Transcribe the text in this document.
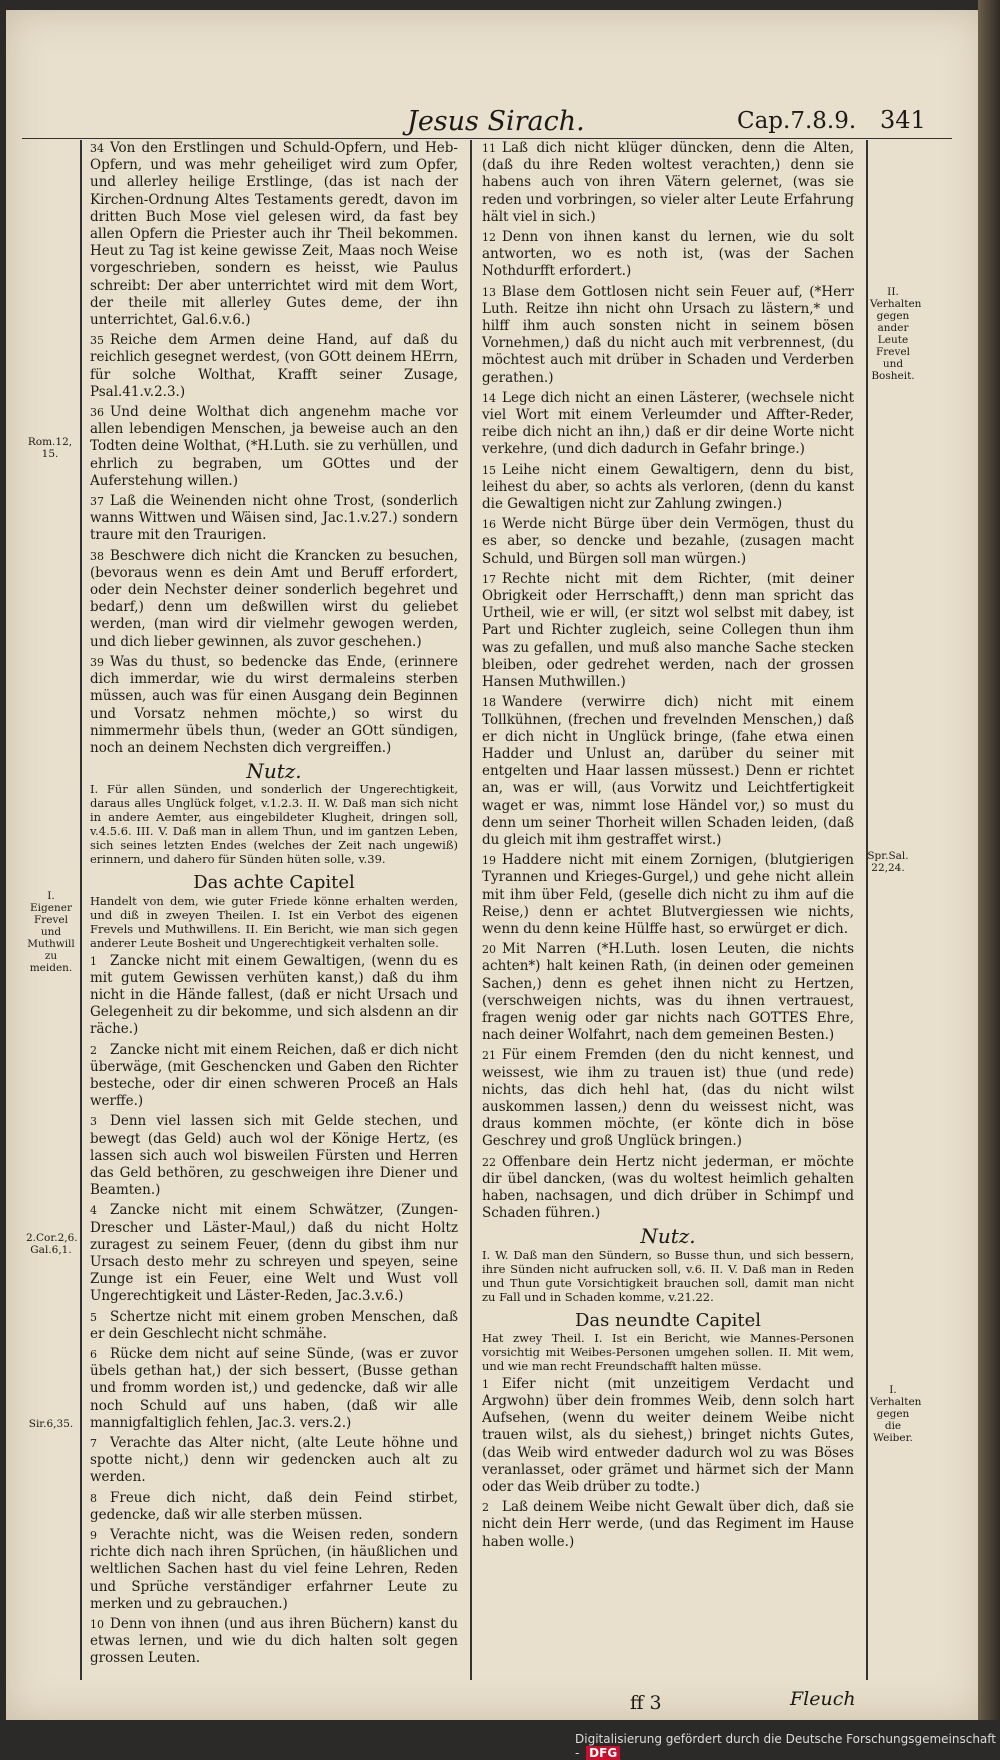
Jesus Sirach.	Cap.7.8.9. 341

34 Von den Erstlingen und Schuld-Opfern, und Heb-Opfern, und was mehr geheiliget wird zum Opfer, und allerley heilige Erstlinge, (das ist nach der Kirchen-Ordnung Altes Testaments geredt, davon im dritten Buch Mose viel gelesen wird, da fast bey allen Opfern die Priester auch ihr Theil bekommen. Heut zu Tag ist keine gewisse Zeit, Maas noch Weise vorgeschrieben, sondern es heisst, wie Paulus schreibt: Der aber unterrichtet wird mit dem Wort, der theile mit allerley Gutes deme, der ihn unterrichtet, Gal.6.v.6.)

35 Reiche dem Armen deine Hand, auf daß du reichlich gesegnet werdest, (von GOtt deinem HErrn, für solche Wolthat, Krafft seiner Zusage, Psal.41.v.2.3.)

36 Und deine Wolthat dich angenehm mache vor allen lebendigen Menschen, ja beweise auch an den Todten deine Wolthat, (*H.Luth. sie zu verhüllen, und ehrlich zu begraben, um GOttes und der Auferstehung willen.)

37 Laß die Weinenden nicht ohne Trost, (sonderlich wanns Wittwen und Wäisen sind, Jac.1.v.27.) sondern traure mit den Traurigen.

38 Beschwere dich nicht die Krancken zu besuchen, (bevoraus wenn es dein Amt und Beruff erfordert, oder dein Nechster deiner sonderlich begehret und bedarf,) denn um deßwillen wirst du geliebet werden, (man wird dir vielmehr gewogen werden, und dich lieber gewinnen, als zuvor geschehen.)

39 Was du thust, so bedencke das Ende, (erinnere dich immerdar, wie du wirst dermaleins sterben müssen, auch was für einen Ausgang dein Beginnen und Vorsatz nehmen möchte,) so wirst du nimmermehr übels thun, (weder an GOtt sündigen, noch an deinem Nechsten dich vergreiffen.)

Nutz.

I. Für allen Sünden, und sonderlich der Ungerechtigkeit, daraus alles Unglück folget, v.1.2.3. II. W. Daß man sich nicht in andere Aemter, aus eingebildeter Klugheit, dringen soll, v.4.5.6. III. V. Daß man in allem Thun, und im gantzen Leben, sich seines letzten Endes (welches der Zeit nach ungewiß) erinnern, und dahero für Sünden hüten solle, v.39.

Das achte Capitel

Handelt von dem, wie guter Friede könne erhalten werden, und diß in zweyen Theilen. I. Ist ein Verbot des eigenen Frevels und Muthwillens. II. Ein Bericht, wie man sich gegen anderer Leute Bosheit und Ungerechtigkeit verhalten solle.

1 Zancke nicht mit einem Gewaltigen, (wenn du es mit gutem Gewissen verhüten kanst,) daß du ihm nicht in die Hände fallest, (daß er nicht Ursach und Gelegenheit zu dir bekomme, und sich alsdenn an dir räche.)

2 Zancke nicht mit einem Reichen, daß er dich nicht überwäge, (mit Geschencken und Gaben den Richter besteche, oder dir einen schweren Proceß an Hals werffe.)

3 Denn viel lassen sich mit Gelde stechen, und bewegt (das Geld) auch wol der Könige Hertz, (es lassen sich auch wol bisweilen Fürsten und Herren das Geld bethören, zu geschweigen ihre Diener und Beamten.)

4 Zancke nicht mit einem Schwätzer, (Zungen-Drescher und Läster-Maul,) daß du nicht Holtz zuragest zu seinem Feuer, (denn du gibst ihm nur Ursach desto mehr zu schreyen und speyen, seine Zunge ist ein Feuer, eine Welt und Wust voll Ungerechtigkeit und Läster-Reden, Jac.3.v.6.)

5 Schertze nicht mit einem groben Menschen, daß er dein Geschlecht nicht schmähe.

6 Rücke dem nicht auf seine Sünde, (was er zuvor übels gethan hat,) der sich bessert, (Busse gethan und fromm worden ist,) und gedencke, daß wir alle noch Schuld auf uns haben, (daß wir alle mannigfaltiglich fehlen, Jac.3. vers.2.)

7 Verachte das Alter nicht, (alte Leute höhne und spotte nicht,) denn wir gedencken auch alt zu werden.

8 Freue dich nicht, daß dein Feind stirbet, gedencke, daß wir alle sterben müssen.

9 Verachte nicht, was die Weisen reden, sondern richte dich nach ihren Sprüchen, (in häußlichen und weltlichen Sachen hast du viel feine Lehren, Reden und Sprüche verständiger erfahrner Leute zu merken und zu gebrauchen.)

10 Denn von ihnen (und aus ihren Büchern) kanst du etwas lernen, und wie du dich halten solt gegen grossen Leuten.

11 Laß dich nicht klüger düncken, denn die Alten, (daß du ihre Reden woltest verachten,) denn sie habens auch von ihren Vätern gelernet, (was sie reden und vorbringen, so vieler alter Leute Erfahrung hält viel in sich.)

12 Denn von ihnen kanst du lernen, wie du solt antworten, wo es noth ist, (was der Sachen Nothdurfft erfordert.)

13 Blase dem Gottlosen nicht sein Feuer auf, (*Herr Luth. Reitze ihn nicht ohn Ursach zu lästern,* und hilff ihm auch sonsten nicht in seinem bösen Vornehmen,) daß du nicht auch mit verbrennest, (du möchtest auch mit drüber in Schaden und Verderben gerathen.)

14 Lege dich nicht an einen Lästerer, (wechsele nicht viel Wort mit einem Verleumder und Affter-Reder, reibe dich nicht an ihn,) daß er dir deine Worte nicht verkehre, (und dich dadurch in Gefahr bringe.)

15 Leihe nicht einem Gewaltigern, denn du bist, leihest du aber, so achts als verloren, (denn du kanst die Gewaltigen nicht zur Zahlung zwingen.)

16 Werde nicht Bürge über dein Vermögen, thust du es aber, so dencke und bezahle, (zusagen macht Schuld, und Bürgen soll man würgen.)

17 Rechte nicht mit dem Richter, (mit deiner Obrigkeit oder Herrschafft,) denn man spricht das Urtheil, wie er will, (er sitzt wol selbst mit dabey, ist Part und Richter zugleich, seine Collegen thun ihm was zu gefallen, und muß also manche Sache stecken bleiben, oder gedrehet werden, nach der grossen Hansen Muthwillen.)

18 Wandere (verwirre dich) nicht mit einem Tollkühnen, (frechen und frevelnden Menschen,) daß er dich nicht in Unglück bringe, (fahe etwa einen Hadder und Unlust an, darüber du seiner mit entgelten und Haar lassen müssest.) Denn er richtet an, was er will, (aus Vorwitz und Leichtfertigkeit waget er was, nimmt lose Händel vor,) so must du denn um seiner Thorheit willen Schaden leiden, (daß du gleich mit ihm gestraffet wirst.)

19 Haddere nicht mit einem Zornigen, (blutgierigen Tyrannen und Krieges-Gurgel,) und gehe nicht allein mit ihm über Feld, (geselle dich nicht zu ihm auf die Reise,) denn er achtet Blutvergiessen wie nichts, wenn du denn keine Hülffe hast, so erwürget er dich.

20 Mit Narren (*H.Luth. losen Leuten, die nichts achten*) halt keinen Rath, (in deinen oder gemeinen Sachen,) denn es gehet ihnen nicht zu Hertzen, (verschweigen nichts, was du ihnen vertrauest, fragen wenig oder gar nichts nach GOTTES Ehre, nach deiner Wolfahrt, nach dem gemeinen Besten.)

21 Für einem Fremden (den du nicht kennest, und weissest, wie ihm zu trauen ist) thue (und rede) nichts, das dich hehl hat, (das du nicht wilst auskommen lassen,) denn du weissest nicht, was draus kommen möchte, (er könte dich in böse Geschrey und groß Unglück bringen.)

22 Offenbare dein Hertz nicht jederman, er möchte dir übel dancken, (was du woltest heimlich gehalten haben, nachsagen, und dich drüber in Schimpf und Schaden führen.)

Nutz.

I. W. Daß man den Sündern, so Busse thun, und sich bessern, ihre Sünden nicht aufrucken soll, v.6. II. V. Daß man in Reden und Thun gute Vorsichtigkeit brauchen soll, damit man nicht zu Fall und in Schaden komme, v.21.22.

Das neundte Capitel

Hat zwey Theil. I. Ist ein Bericht, wie Mannes-Personen vorsichtig mit Weibes-Personen umgehen sollen. II. Mit wem, und wie man recht Freundschafft halten müsse.

1 Eifer nicht (mit unzeitigem Verdacht und Argwohn) über dein frommes Weib, denn solch hart Aufsehen, (wenn du weiter deinem Weibe nicht trauen wilst, als du siehest,) bringet nichts Gutes, (das Weib wird entweder dadurch wol zu was Böses veranlasset, oder grämet und härmet sich der Mann oder das Weib drüber zu todte.)

2 Laß deinem Weibe nicht Gewalt über dich, daß sie nicht dein Herr werde, (und das Regiment im Hause haben wolle.)

Rom.12, 15.
I. Eigener Frevel und Muthwill zu meiden.
2.Cor.2,6. Gal.6,1.
Sir.6,35.
II. Verhalten gegen ander Leute Frevel und Bosheit.
Spr.Sal. 22,24.
I. Verhalten gegen die Weiber.
ff 3	Fleuch
Digitalisierung gefördert durch die Deutsche Forschungsgemeinschaft - DFG
